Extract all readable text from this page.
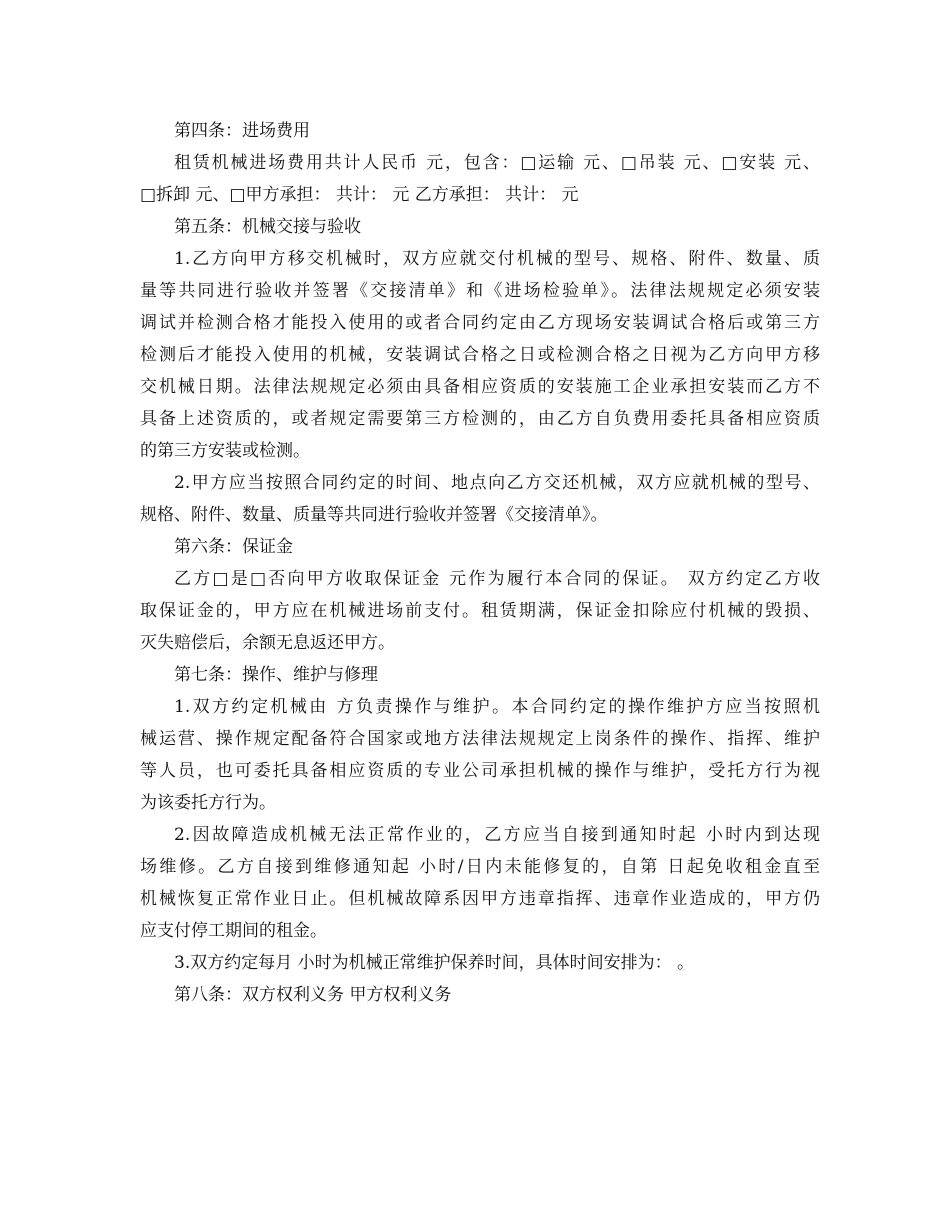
第四条：进场费用

租赁机械进场费用共计人民币 元，包含：□运输 元、□吊装 元、□安装 元、

□拆卸 元、□甲方承担： 共计： 元 乙方承担： 共计： 元

第五条：机械交接与验收

1.乙方向甲方移交机械时，双方应就交付机械的型号、规格、附件、数量、质

量等共同进行验收并签署《交接清单》和《进场检验单》。法律法规规定必须安装

调试并检测合格才能投入使用的或者合同约定由乙方现场安装调试合格后或第三方

检测后才能投入使用的机械，安装调试合格之日或检测合格之日视为乙方向甲方移

交机械日期。法律法规规定必须由具备相应资质的安装施工企业承担安装而乙方不

具备上述资质的，或者规定需要第三方检测的，由乙方自负费用委托具备相应资质

的第三方安装或检测。

2.甲方应当按照合同约定的时间、地点向乙方交还机械，双方应就机械的型号、

规格、附件、数量、质量等共同进行验收并签署《交接清单》。

第六条：保证金

乙方□是□否向甲方收取保证金 元作为履行本合同的保证。 双方约定乙方收

取保证金的，甲方应在机械进场前支付。租赁期满，保证金扣除应付机械的毁损、

灭失赔偿后，余额无息返还甲方。

第七条：操作、维护与修理

1.双方约定机械由 方负责操作与维护。本合同约定的操作维护方应当按照机

械运营、操作规定配备符合国家或地方法律法规规定上岗条件的操作、指挥、维护

等人员，也可委托具备相应资质的专业公司承担机械的操作与维护，受托方行为视

为该委托方行为。

2.因故障造成机械无法正常作业的，乙方应当自接到通知时起 小时内到达现

场维修。乙方自接到维修通知起 小时/日内未能修复的，自第 日起免收租金直至

机械恢复正常作业日止。但机械故障系因甲方违章指挥、违章作业造成的，甲方仍

应支付停工期间的租金。

3.双方约定每月 小时为机械正常维护保养时间，具体时间安排为： 。

第八条：双方权利义务 甲方权利义务
